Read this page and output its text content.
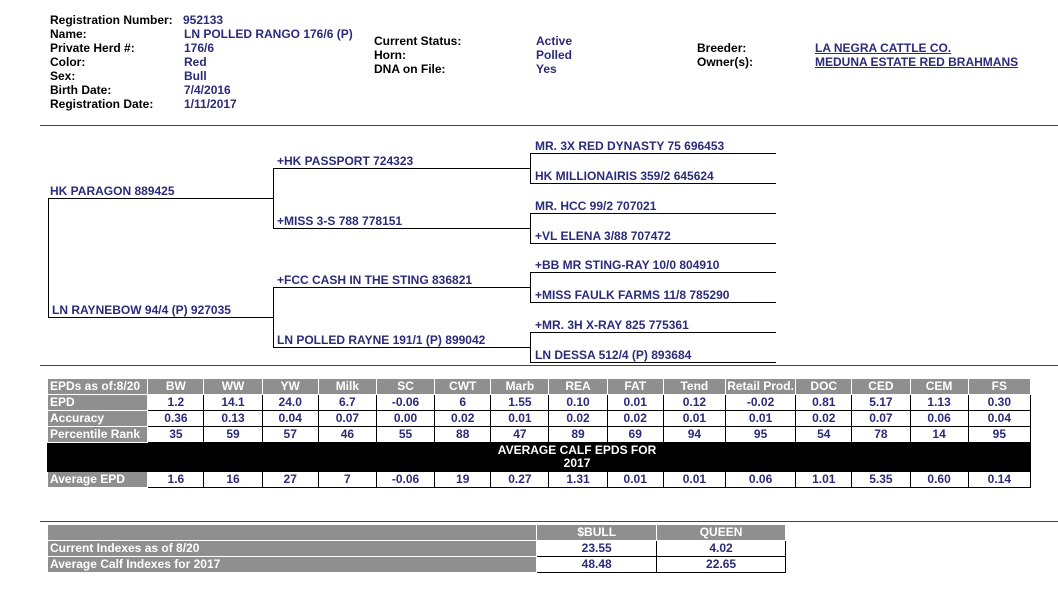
Registration Number: 952133
Name:	LN POLLED RANGO 176/6 (P)
Private Herd #:	176/6
Color:	Red
Sex:	Bull
Birth Date:	7/4/2016
Registration Date:	1/11/2017
Current Status:	Active
Horn:	Polled
DNA on File:	Yes
Breeder:	LA NEGRA CATTLE CO.
Owner(s):	MEDUNA ESTATE RED BRAHMANS
HK PARAGON 889425
LN RAYNEBOW 94/4 (P) 927035
+HK PASSPORT 724323
+MISS 3-S 788 778151
+FCC CASH IN THE STING 836821
LN POLLED RAYNE 191/1 (P) 899042
MR. 3X RED DYNASTY 75 696453
HK MILLIONAIRIS 359/2 645624
MR. HCC 99/2 707021
+VL ELENA 3/88 707472
+BB MR STING-RAY 10/0 804910
+MISS FAULK FARMS 11/8 785290
+MR. 3H X-RAY 825 775361
LN DESSA 512/4 (P) 893684
EPDs as of:8/20	BW	WW	YW	Milk	SC	CWT	Marb	REA	FAT	Tend	Retail Prod.	DOC	CED	CEM	FS
EPD	1.2	14.1	24.0	6.7	-0.06	6	1.55	0.10	0.01	0.12	-0.02	0.81	5.17	1.13	0.30
Accuracy	0.36	0.13	0.04	0.07	0.00	0.02	0.01	0.02	0.02	0.01	0.01	0.02	0.07	0.06	0.04
Percentile Rank	35	59	57	46	55	88	47	89	69	94	95	54	78	14	95
							AVERAGE CALF EPDS FOR
2017								
Average EPD	1.6	16	27	7	-0.06	19	0.27	1.31	0.01	0.01	0.06	1.01	5.35	0.60	0.14
	$BULL	QUEEN
Current Indexes as of 8/20	23.55	4.02
Average Calf Indexes for 2017	48.48	22.65
